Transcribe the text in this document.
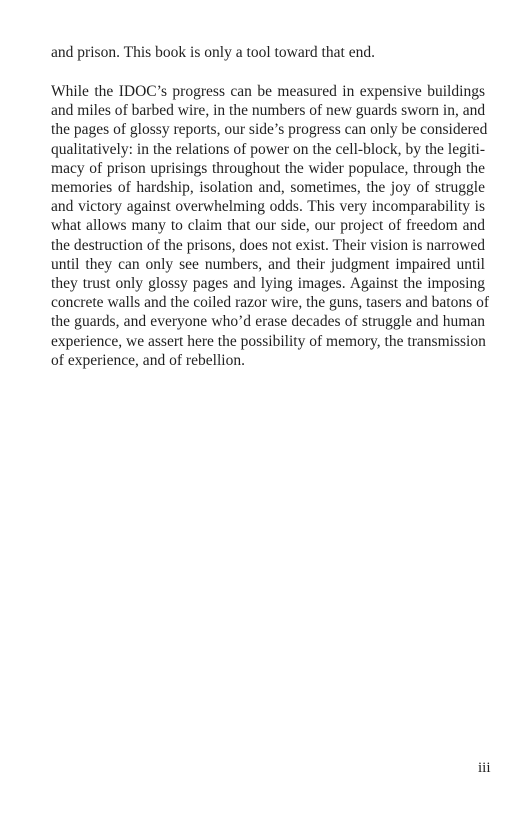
and prison. This book is only a tool toward that end.
While the IDOC’s progress can be measured in expensive buildings
and miles of barbed wire, in the numbers of new guards sworn in, and
the pages of glossy reports, our side’s progress can only be considered
qualitatively: in the relations of power on the cell-block, by the legiti-
macy of prison uprisings throughout the wider populace, through the
memories of hardship, isolation and, sometimes, the joy of struggle
and victory against overwhelming odds. This very incomparability is
what allows many to claim that our side, our project of freedom and
the destruction of the prisons, does not exist. Their vision is narrowed
until they can only see numbers, and their judgment impaired until
they trust only glossy pages and lying images. Against the imposing
concrete walls and the coiled razor wire, the guns, tasers and batons of
the guards, and everyone who’d erase decades of struggle and human
experience, we assert here the possibility of memory, the transmission
of experience, and of rebellion.
iii
